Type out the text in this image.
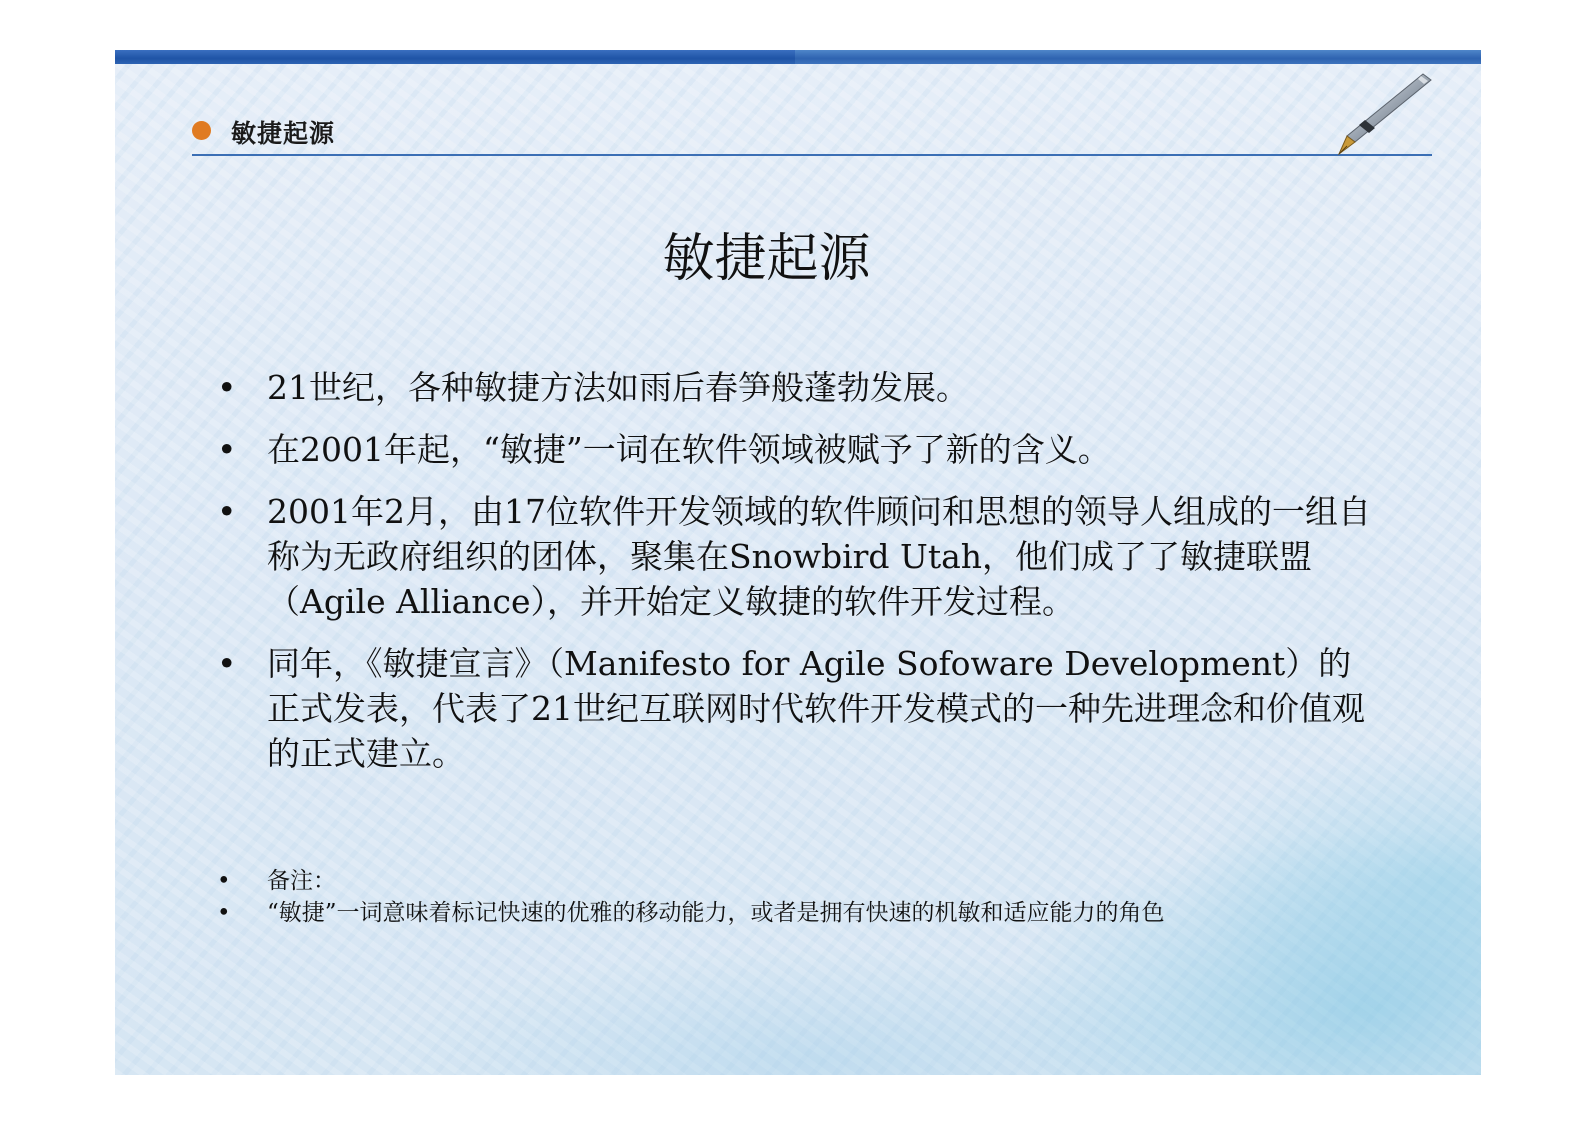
敏捷起源
敏捷起源
• 21世纪，各种敏捷方法如雨后春笋般蓬勃发展。
• 在2001年起，“敏捷”一词在软件领域被赋予了新的含义。
• 2001年2月，由17位软件开发领域的软件顾问和思想的领导人组成的一组自称为无政府组织的团体，聚集在Snowbird Utah，他们成了了敏捷联盟（Agile Alliance），并开始定义敏捷的软件开发过程。
• 同年，《敏捷宣言》（Manifesto for Agile Sofoware Development）的正式发表，代表了21世纪互联网时代软件开发模式的一种先进理念和价值观的正式建立。
• 备注：
• “敏捷”一词意味着标记快速的优雅的移动能力，或者是拥有快速的机敏和适应能力的角色
